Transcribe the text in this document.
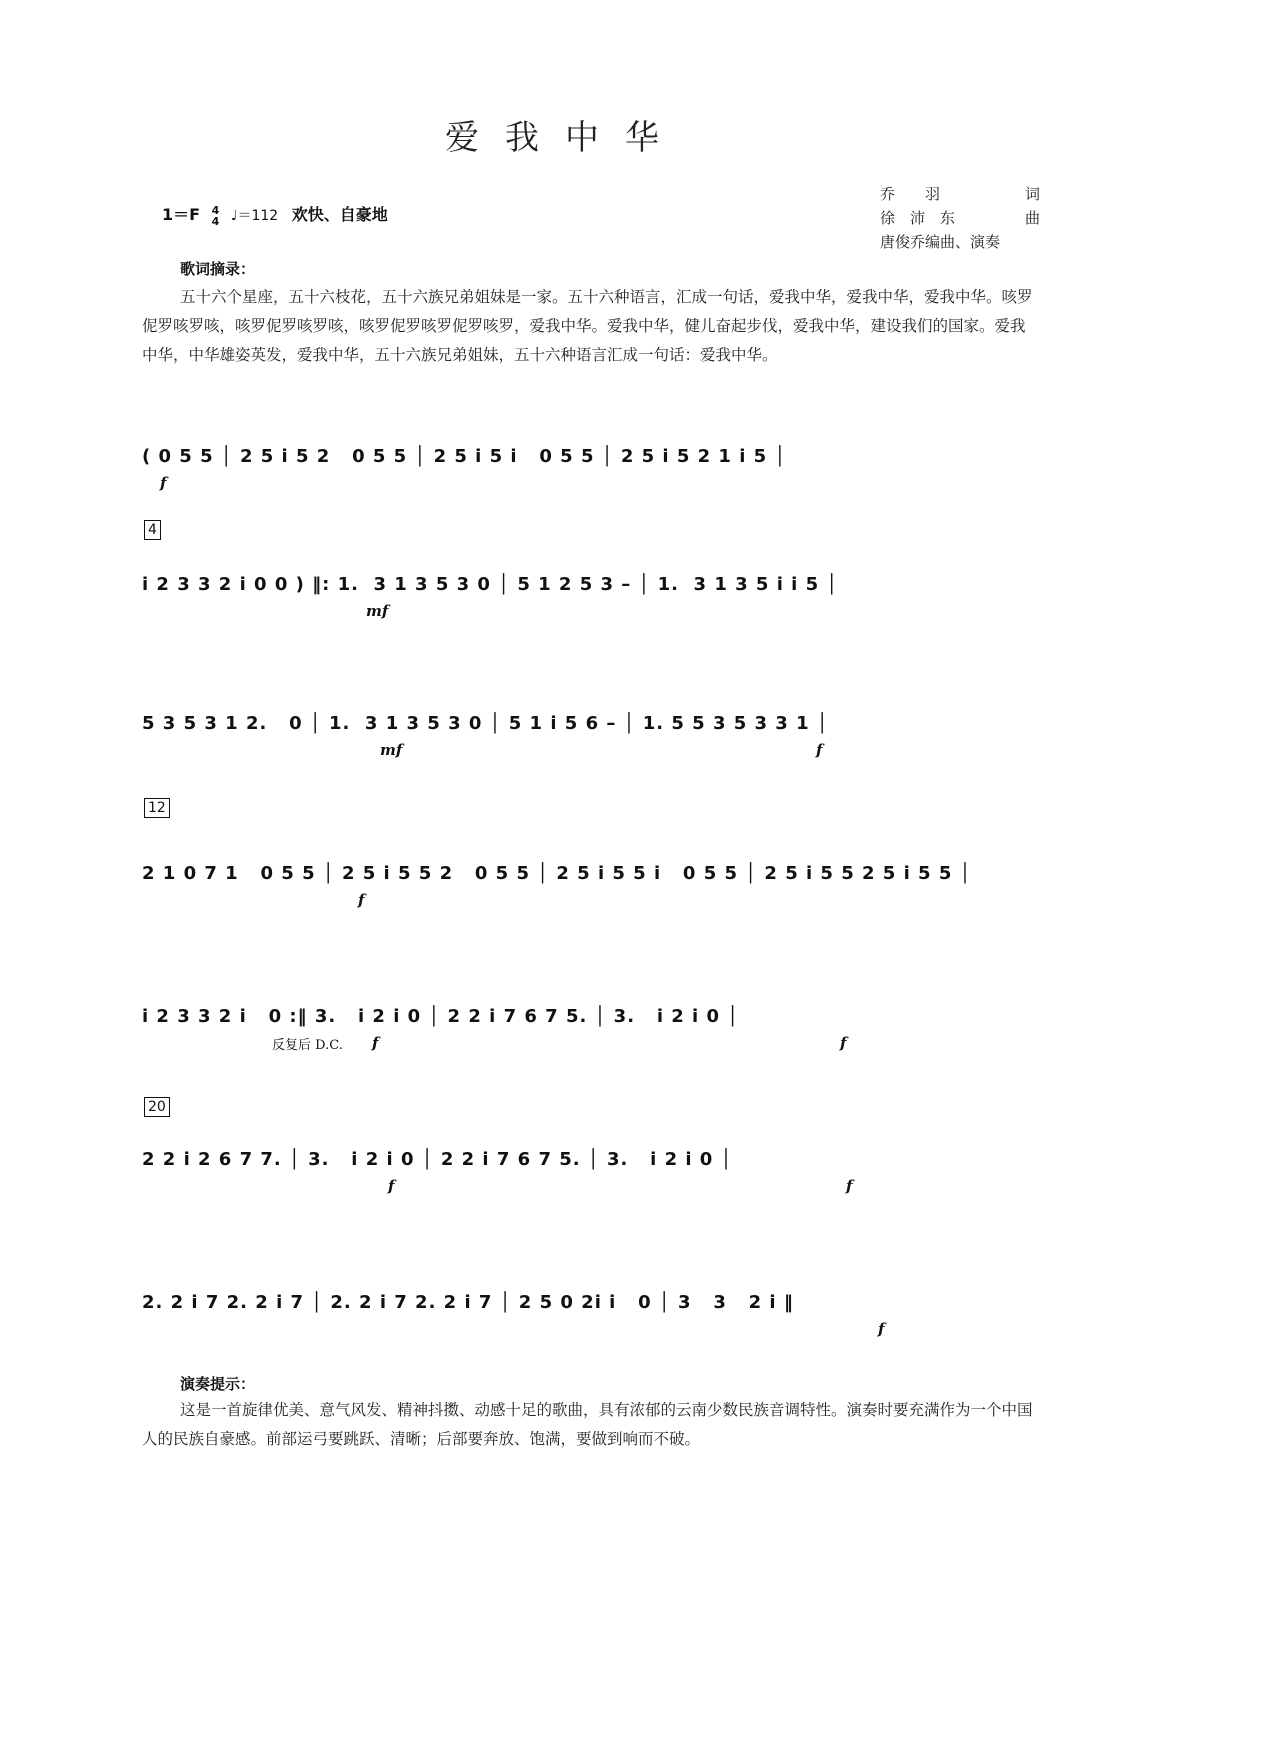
爱我中华
1＝F 4
4 ♩＝112 欢快、自豪地
乔　　羽	词
徐　沛　东	曲
唐俊乔编曲、演奏
歌词摘录：
五十六个星座，五十六枝花，五十六族兄弟姐妹是一家。五十六种语言，汇成一句话，爱我中华，爱我中华，爱我中华。咳罗伲罗咳罗咳，咳罗伲罗咳罗咳，咳罗伲罗咳罗伲罗咳罗，爱我中华。爱我中华，健儿奋起步伐，爱我中华，建设我们的国家。爱我中华，中华雄姿英发，爱我中华，五十六族兄弟姐妹，五十六种语言汇成一句话：爱我中华。
( 0 5 5 │ 2 5 i 5 2   0 5 5 │ 2 5 i 5 i   0 5 5 │ 2 5 i 5 2 1 i 5 │
f
4
i 2 3 3 2 i 0 0 ) ‖: 1.  3 1 3 5 3 0 │ 5 1 2 5 3 – │ 1.  3 1 3 5 i i 5 │
mf
5 3 5 3 1 2.   0 │ 1.  3 1 3 5 3 0 │ 5 1 i 5 6 – │ 1. 5 5 3 5 3 3 1 │
mf	f
12
2 1 0 7 1   0 5 5 │ 2 5 i 5 5 2   0 5 5 │ 2 5 i 5 5 i   0 5 5 │ 2 5 i 5 5 2 5 i 5 5 │
f
i 2 3 3 2 i   0 :‖ 3.   i 2 i 0 │ 2 2 i 7 6 7 5. │ 3.   i 2 i 0 │
反复后 D.C. f	f
20
2 2 i 2 6 7 7. │ 3.   i 2 i 0 │ 2 2 i 7 6 7 5. │ 3.   i 2 i 0 │
f	f
2. 2 i 7 2. 2 i 7 │ 2. 2 i 7 2. 2 i 7 │ 2 5 0 2i i   0 │ 3   3   2 i ‖
f
演奏提示：
这是一首旋律优美、意气风发、精神抖擞、动感十足的歌曲，具有浓郁的云南少数民族音调特性。演奏时要充满作为一个中国人的民族自豪感。前部运弓要跳跃、清晰；后部要奔放、饱满，要做到响而不破。
